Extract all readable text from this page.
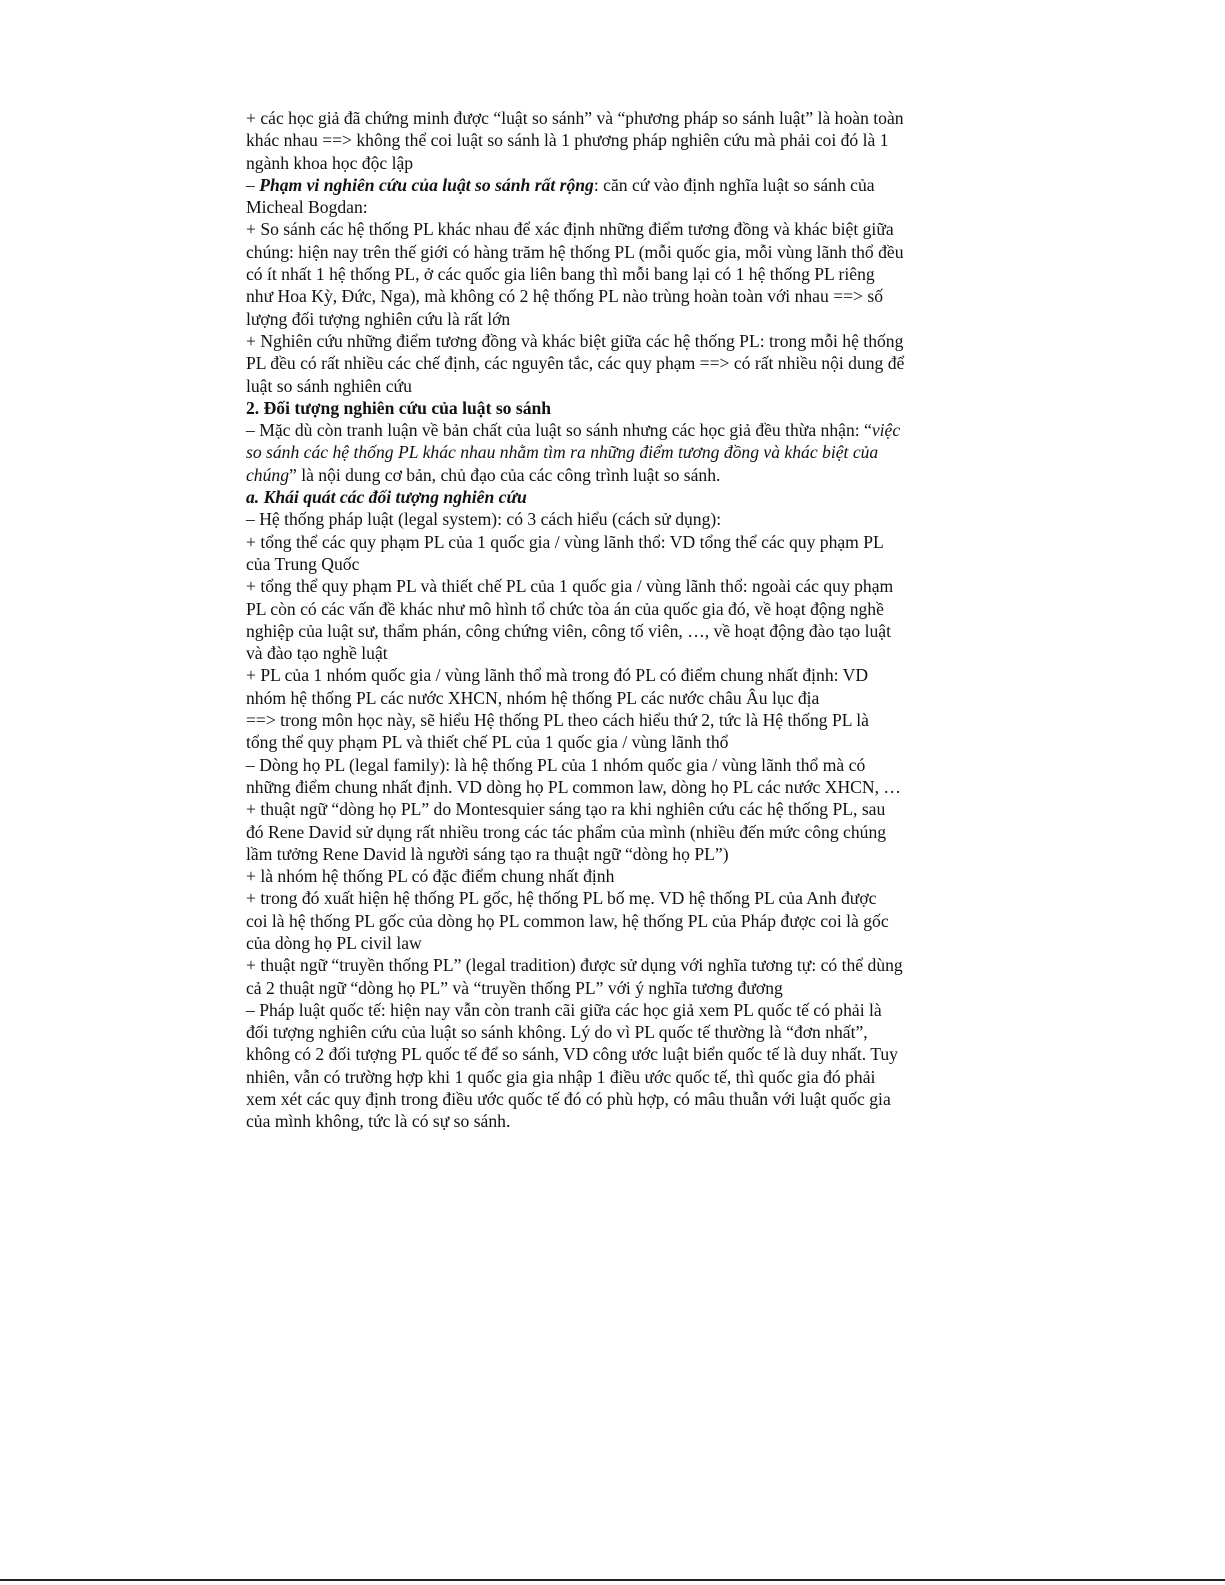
+ các học giả đã chứng minh được “luật so sánh” và “phương pháp so sánh luật” là hoàn toàn
khác nhau ==> không thể coi luật so sánh là 1 phương pháp nghiên cứu mà phải coi đó là 1
ngành khoa học độc lập
– Phạm vi nghiên cứu của luật so sánh rất rộng: căn cứ vào định nghĩa luật so sánh của
Micheal Bogdan:
+ So sánh các hệ thống PL khác nhau để xác định những điểm tương đồng và khác biệt giữa
chúng: hiện nay trên thế giới có hàng trăm hệ thống PL (mỗi quốc gia, mỗi vùng lãnh thổ đều
có ít nhất 1 hệ thống PL, ở các quốc gia liên bang thì mỗi bang lại có 1 hệ thống PL riêng
như Hoa Kỳ, Đức, Nga), mà không có 2 hệ thống PL nào trùng hoàn toàn với nhau ==> số
lượng đối tượng nghiên cứu là rất lớn
+ Nghiên cứu những điểm tương đồng và khác biệt giữa các hệ thống PL: trong mỗi hệ thống
PL đều có rất nhiều các chế định, các nguyên tắc, các quy phạm ==> có rất nhiều nội dung để
luật so sánh nghiên cứu
2. Đối tượng nghiên cứu của luật so sánh
– Mặc dù còn tranh luận về bản chất của luật so sánh nhưng các học giả đều thừa nhận: “việc
so sánh các hệ thống PL khác nhau nhằm tìm ra những điểm tương đồng và khác biệt của
chúng” là nội dung cơ bản, chủ đạo của các công trình luật so sánh.
a. Khái quát các đối tượng nghiên cứu
– Hệ thống pháp luật (legal system): có 3 cách hiểu (cách sử dụng):
+ tổng thể các quy phạm PL của 1 quốc gia / vùng lãnh thổ: VD tổng thể các quy phạm PL
của Trung Quốc
+ tổng thể quy phạm PL và thiết chế PL của 1 quốc gia / vùng lãnh thổ: ngoài các quy phạm
PL còn có các vấn đề khác như mô hình tổ chức tòa án của quốc gia đó, về hoạt động nghề
nghiệp của luật sư, thẩm phán, công chứng viên, công tố viên, …, về hoạt động đào tạo luật
và đào tạo nghề luật
+ PL của 1 nhóm quốc gia / vùng lãnh thổ mà trong đó PL có điểm chung nhất định: VD
nhóm hệ thống PL các nước XHCN, nhóm hệ thống PL các nước châu Âu lục địa
==> trong môn học này, sẽ hiểu Hệ thống PL theo cách hiểu thứ 2, tức là Hệ thống PL là
tổng thể quy phạm PL và thiết chế PL của 1 quốc gia / vùng lãnh thổ
– Dòng họ PL (legal family): là hệ thống PL của 1 nhóm quốc gia / vùng lãnh thổ mà có
những điểm chung nhất định. VD dòng họ PL common law, dòng họ PL các nước XHCN, …
+ thuật ngữ “dòng họ PL” do Montesquier sáng tạo ra khi nghiên cứu các hệ thống PL, sau
đó Rene David sử dụng rất nhiều trong các tác phẩm của mình (nhiều đến mức công chúng
lầm tưởng Rene David là người sáng tạo ra thuật ngữ “dòng họ PL”)
+ là nhóm hệ thống PL có đặc điểm chung nhất định
+ trong đó xuất hiện hệ thống PL gốc, hệ thống PL bố mẹ. VD hệ thống PL của Anh được
coi là hệ thống PL gốc của dòng họ PL common law, hệ thống PL của Pháp được coi là gốc
của dòng họ PL civil law
+ thuật ngữ “truyền thống PL” (legal tradition) được sử dụng với nghĩa tương tự: có thể dùng
cả 2 thuật ngữ “dòng họ PL” và “truyền thống PL” với ý nghĩa tương đương
– Pháp luật quốc tế: hiện nay vẫn còn tranh cãi giữa các học giả xem PL quốc tế có phải là
đối tượng nghiên cứu của luật so sánh không. Lý do vì PL quốc tế thường là “đơn nhất”,
không có 2 đối tượng PL quốc tế để so sánh, VD công ước luật biển quốc tế là duy nhất. Tuy
nhiên, vẫn có trường hợp khi 1 quốc gia gia nhập 1 điều ước quốc tế, thì quốc gia đó phải
xem xét các quy định trong điều ước quốc tế đó có phù hợp, có mâu thuẫn với luật quốc gia
của mình không, tức là có sự so sánh.
